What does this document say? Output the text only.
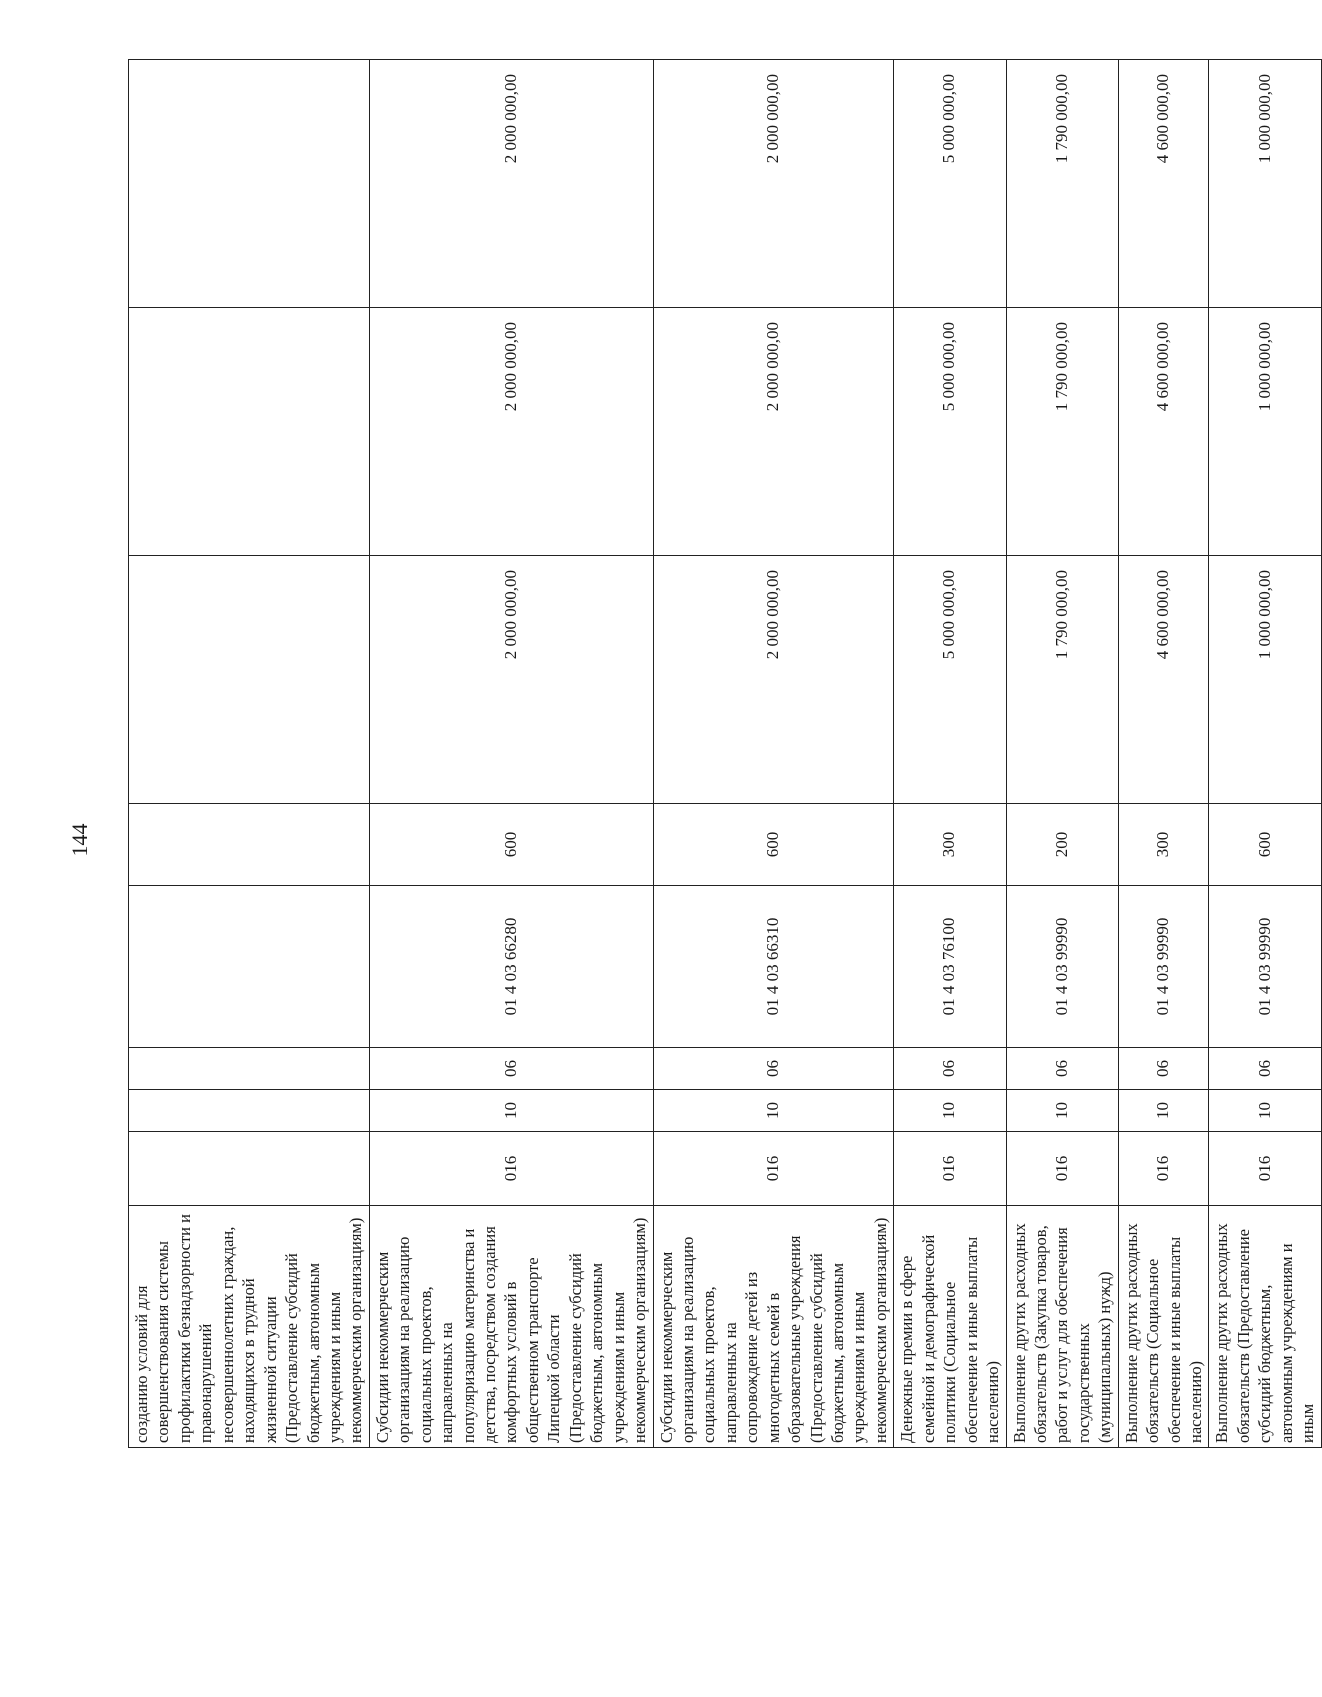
144
созданию условий для совершенствования системы профилактики безнадзорности и правонарушений несовершеннолетних граждан, находящихся в трудной жизненной ситуации (Предоставление субсидий бюджетным, автономным учреждениям и иным некоммерческим организациям)								
Субсидии некоммерческим организациям на реализацию социальных проектов, направленных на популяризацию материнства и детства, посредством создания комфортных условий в общественном транспорте Липецкой области (Предоставление субсидий бюджетным, автономным учреждениям и иным некоммерческим организациям)	016	10	06	01 4 03 66280	600	2 000 000,00	2 000 000,00	2 000 000,00
Субсидии некоммерческим организациям на реализацию социальных проектов, направленных на сопровождение детей из многодетных семей в образовательные учреждения (Предоставление субсидий бюджетным, автономным учреждениям и иным некоммерческим организациям)	016	10	06	01 4 03 66310	600	2 000 000,00	2 000 000,00	2 000 000,00
Денежные премии в сфере семейной и демографической политики (Социальное обеспечение и иные выплаты населению)	016	10	06	01 4 03 76100	300	5 000 000,00	5 000 000,00	5 000 000,00
Выполнение других расходных обязательств (Закупка товаров, работ и услуг для обеспечения государственных (муниципальных) нужд)	016	10	06	01 4 03 99990	200	1 790 000,00	1 790 000,00	1 790 000,00
Выполнение других расходных обязательств (Социальное обеспечение и иные выплаты населению)	016	10	06	01 4 03 99990	300	4 600 000,00	4 600 000,00	4 600 000,00
Выполнение других расходных обязательств (Предоставление субсидий бюджетным, автономным учреждениям и иным	016	10	06	01 4 03 99990	600	1 000 000,00	1 000 000,00	1 000 000,00
